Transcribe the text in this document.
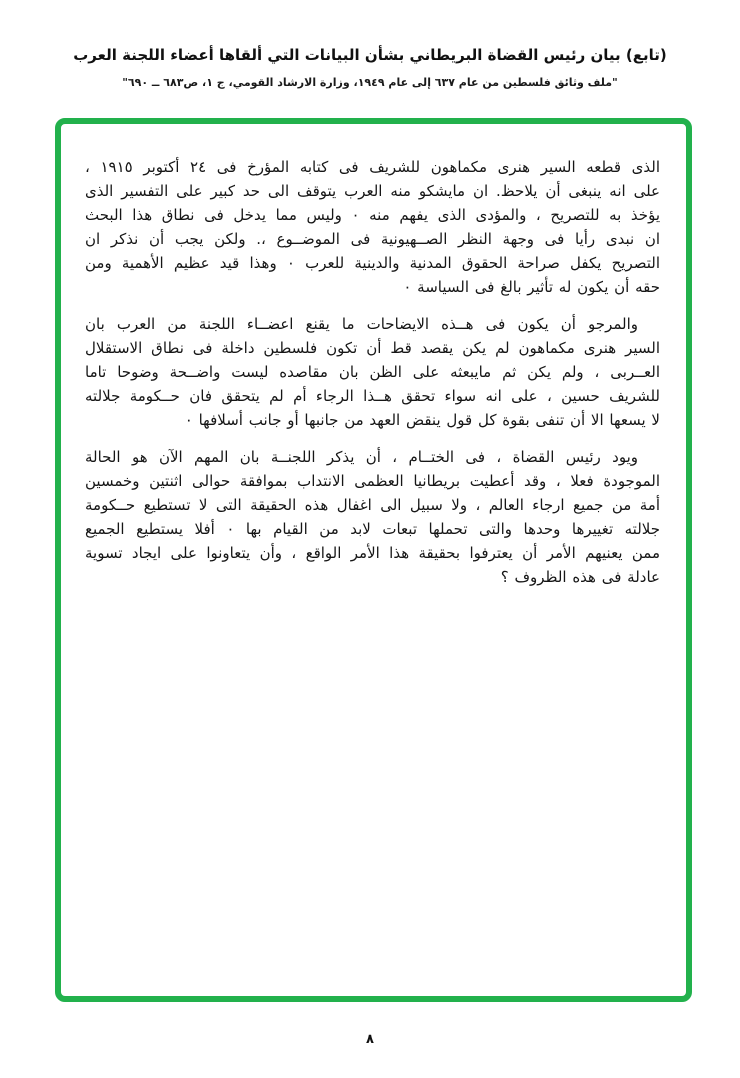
(تابع) بيان رئيس القضاة البريطاني بشأن البيانات التي ألقاها أعضاء اللجنة العرب
"ملف وثائق فلسطين من عام ٦٣٧ إلى عام ١٩٤٩، وزارة الارشاد القومي، ج ١، ص٦٨٣ ــ ٦٩٠"
الذى قطعه السير هنرى مكماهون للشريف فى كتابه المؤرخ فى ٢٤ أكتوبر ١٩١٥ ،
على انه ينبغى أن يلاحظ. ان مايشكو منه العرب يتوقف الى حد كبير على التفسير الذى
يؤخذ به للتصريح ، والمؤدى الذى يفهم منه ٠ وليس مما يدخل فى نطاق هذا البحث
ان نبدى رأيا فى وجهة النظر الصــهيونية فى الموضــوع ،. ولكن يجب أن نذكر ان
التصريح يكفل صراحة الحقوق المدنية والدينية للعرب ٠ وهذا قيد عظيم الأهمية ومن
حقه أن يكون له تأثير بالغ فى السياسة ٠
والمرجو أن يكون فى هــذه الايضاحات ما يقنع اعضــاء اللجنة من العرب بان
السير هنرى مكماهون لم يكن يقصد قط أن تكون فلسطين داخلة فى نطاق الاستقلال
العــربى ، ولم يكن ثم مايبعثه على الظن بان مقاصده ليست واضــحة وضوحا تاما
للشريف حسين ، على انه سواء تحقق هــذا الرجاء أم لم يتحقق فان حــكومة جلالته
لا يسعها الا أن تنفى بقوة كل قول ينقض العهد من جانبها أو جانب أسلافها ٠
ويود رئيس القضاة ، فى الختــام ، أن يذكر اللجنــة بان المهم الآن هو الحالة
الموجودة فعلا ، وقد أعطيت بريطانيا العظمى الانتداب بموافقة حوالى اثنتين وخمسين
أمة من جميع ارجاء العالم ، ولا سبيل الى اغفال هذه الحقيقة التى لا تستطيع حــكومة
جلالته تغييرها وحدها والتى تحملها تبعات لابد من القيام بها ٠ أفلا يستطيع الجميع
ممن يعنيهم الأمر أن يعترفوا بحقيقة هذا الأمر الواقع ، وأن يتعاونوا على ايجاد تسوية
عادلة فى هذه الظروف ؟
٨
